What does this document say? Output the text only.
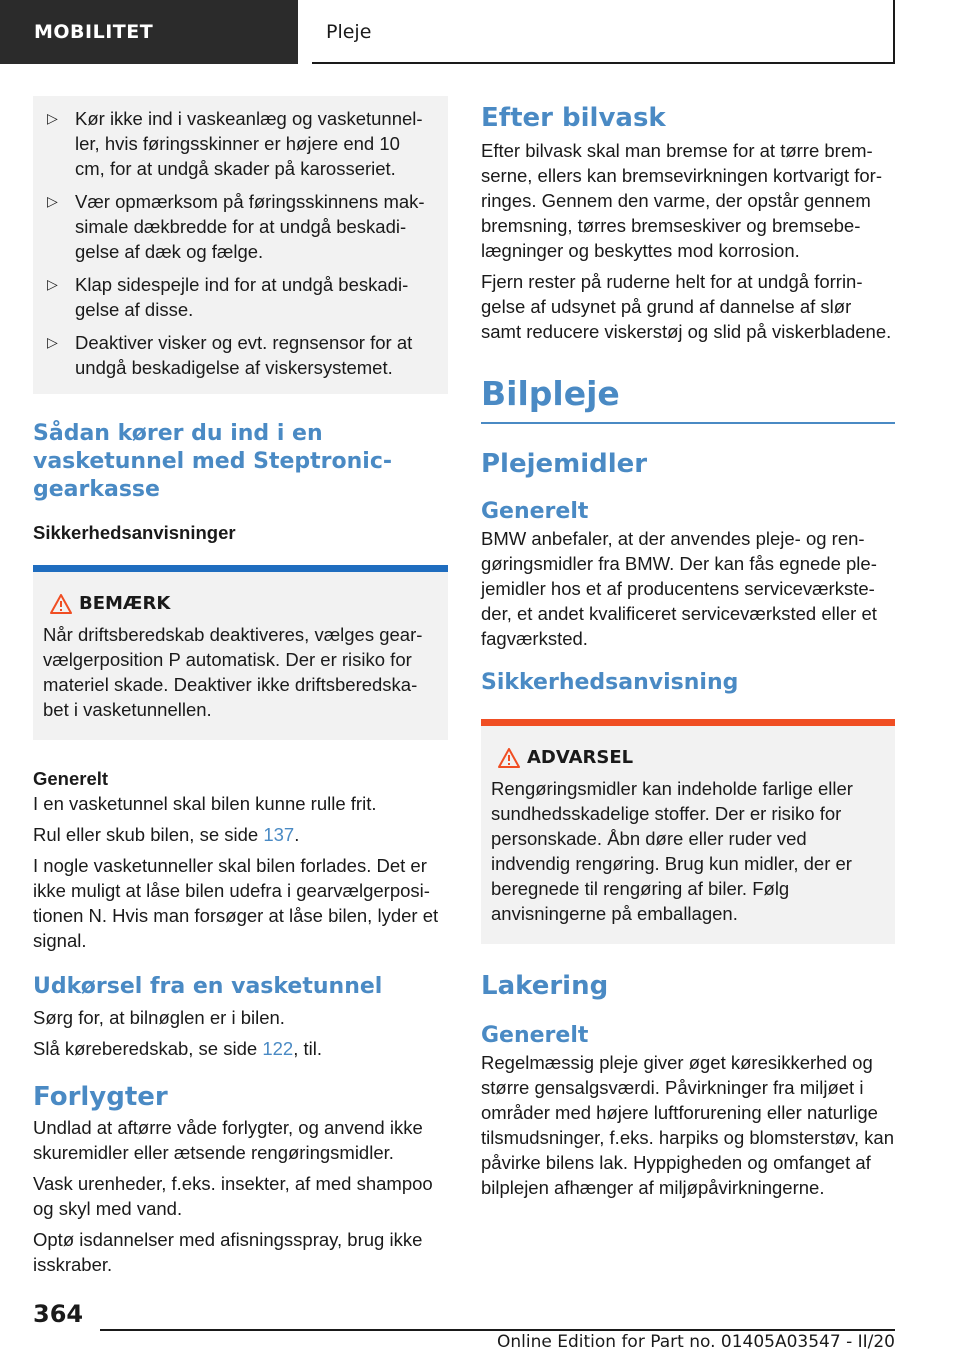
MOBILITET	Pleje
▷ Kør ikke ind i vaskeanlæg og vasketunneller, hvis føringsskinner er højere end 10 cm, for at undgå skader på karosseriet.
▷ Vær opmærksom på føringsskinnens maksimale dækbredde for at undgå beskadigelse af dæk og fælge.
▷ Klap sidespejle ind for at undgå beskadigelse af disse.
▷ Deaktiver visker og evt. regnsensor for at undgå beskadigelse af viskersystemet.
Sådan kører du ind i en vasketunnel med Steptronic-gearkasse
Sikkerhedsanvisninger
BEMÆRK
Når driftsberedskab deaktiveres, vælges gearvælgerposition P automatisk. Der er risiko for materiel skade. Deaktiver ikke driftsberedskabet i vasketunnellen.
Generelt
I en vasketunnel skal bilen kunne rulle frit.
Rul eller skub bilen, se side 137.
I nogle vasketunneller skal bilen forlades. Det er ikke muligt at låse bilen udefra i gearvælgerpositionen N. Hvis man forsøger at låse bilen, lyder et signal.
Udkørsel fra en vasketunnel
Sørg for, at bilnøglen er i bilen.
Slå køreberedskab, se side 122, til.
Forlygter
Undlad at aftørre våde forlygter, og anvend ikke skuremidler eller ætsende rengøringsmidler.
Vask urenheder, f.eks. insekter, af med shampoo og skyl med vand.
Optø isdannelser med afisningsspray, brug ikke isskraber.
Efter bilvask
Efter bilvask skal man bremse for at tørre bremserne, ellers kan bremsevirkningen kortvarigt forringes. Gennem den varme, der opstår gennem bremsning, tørres bremseskiver og bremsebelægninger og beskyttes mod korrosion.
Fjern rester på ruderne helt for at undgå forringelse af udsynet på grund af dannelse af slør samt reducere viskerstøj og slid på viskerbladene.
Bilpleje
Plejemidler
Generelt
BMW anbefaler, at der anvendes pleje- og rengøringsmidler fra BMW. Der kan fås egnede plejemidler hos et af producentens serviceværksteder, et andet kvalificeret serviceværksted eller et fagværksted.
Sikkerhedsanvisning
ADVARSEL
Rengøringsmidler kan indeholde farlige eller sundhedsskadelige stoffer. Der er risiko for personskade. Åbn døre eller ruder ved indvendig rengøring. Brug kun midler, der er beregnede til rengøring af biler. Følg anvisningerne på emballagen.
Lakering
Generelt
Regelmæssig pleje giver øget køresikkerhed og større gensalgsværdi. Påvirkninger fra miljøet i områder med højere luftforurening eller naturlige tilsmudsninger, f.eks. harpiks og blomsterstøv, kan påvirke bilens lak. Hyppigheden og omfanget af bilplejen afhænger af miljøpåvirkningerne.
364
Online Edition for Part no. 01405A03547 - II/20
